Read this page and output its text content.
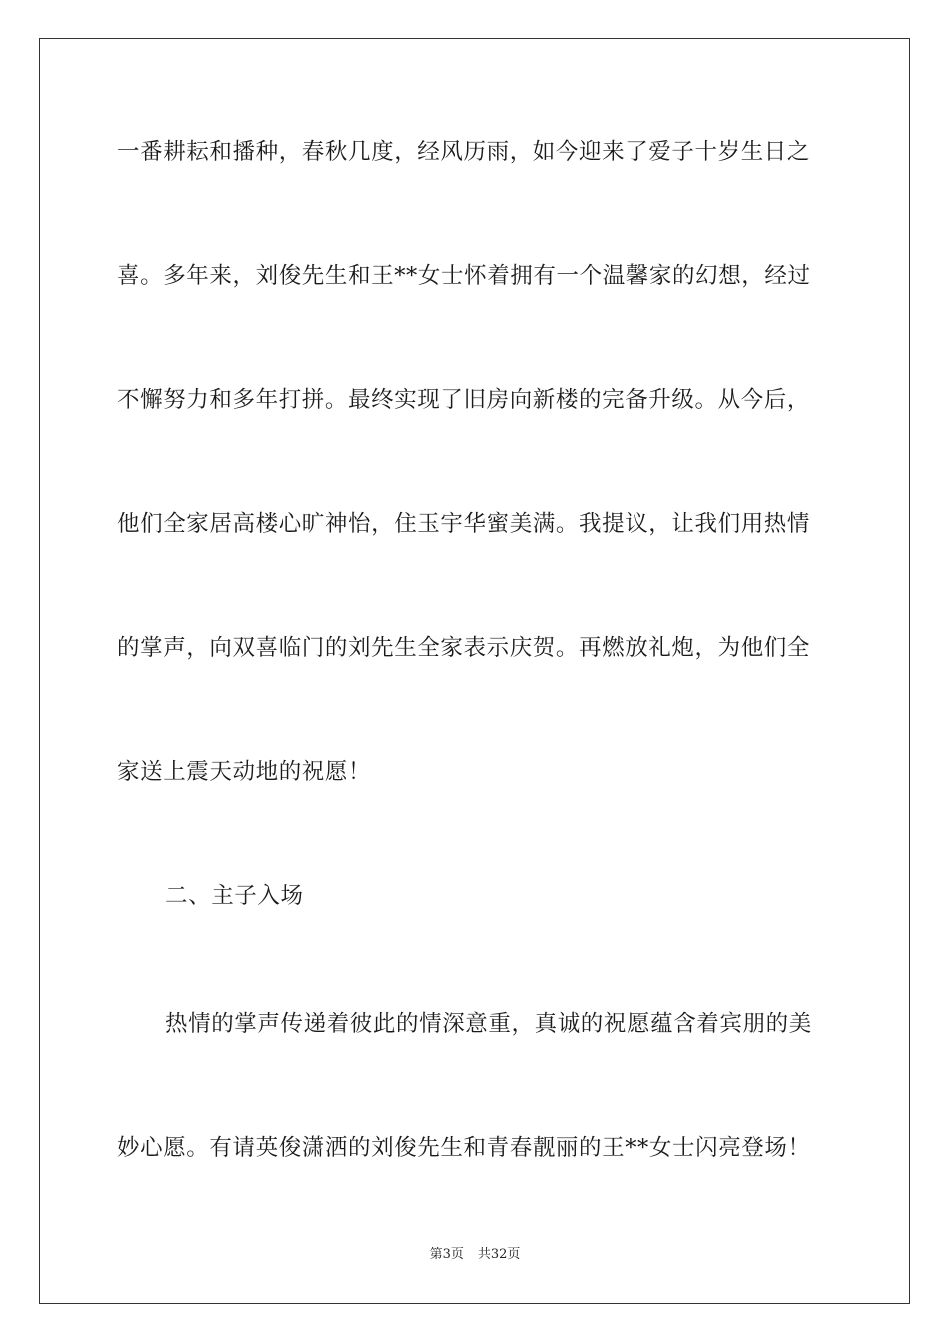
一番耕耘和播种，春秋几度，经风历雨，如今迎来了爱子十岁生日之

喜。多年来，刘俊先生和王**女士怀着拥有一个温馨家的幻想，经过

不懈努力和多年打拼。最终实现了旧房向新楼的完备升级。从今后，

他们全家居高楼心旷神怡，住玉宇华蜜美满。我提议，让我们用热情

的掌声，向双喜临门的刘先生全家表示庆贺。再燃放礼炮，为他们全

家送上震天动地的祝愿！

二、主子入场

热情的掌声传递着彼此的情深意重，真诚的祝愿蕴含着宾朋的美

妙心愿。有请英俊潇洒的刘俊先生和青春靓丽的王**女士闪亮登场！

第3页 共32页
